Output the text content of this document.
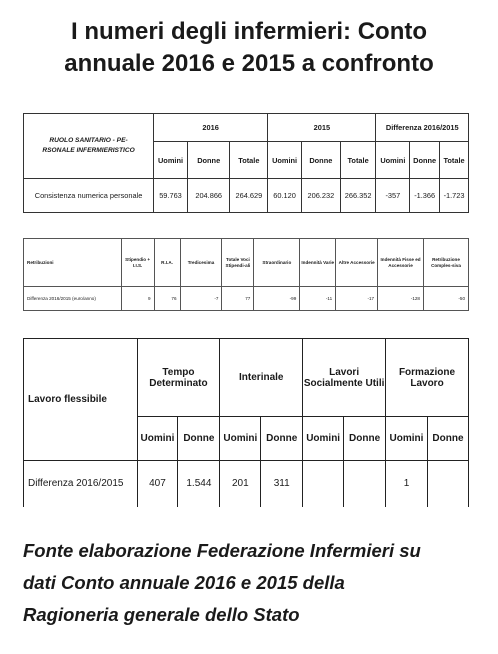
I numeri degli infermieri: Conto
annuale 2016 e 2015 a confronto
RUOLO SANITARIO - PE-
RSONALE INFERMIERISTICO	2016			2015			Differenza 2016/2015		
	Uomini	Donne	Totale	Uomini	Donne	Totale	Uomini	Donne	Totale
Consistenza numerica personale	59.763	204.866	264.629	60.120	206.232	266.352	-357	-1.366	-1.723
Retribuzioni	Stipendio + I.I.S.	R.I.A.	Tredicesima	Totale Voci Stipendi-ali	Straordinario	Indennità Varie	Altre Accessorie	Indennità Fisse ed Accessorie	Retribuzione Comples-siva
Differenza 2016/2015 (euro/anno)	9	76	-7	77	-99	-11	-17	-128	-50
Lavoro flessibile	Tempo Determinato		Interinale		Lavori Socialmente Utili		Formazione Lavoro	
	Uomini	Donne	Uomini	Donne	Uomini	Donne	Uomini	Donne
Differenza 2016/2015	407	1.544	201	311			1	
Fonte elaborazione Federazione Infermieri su
dati Conto annuale 2016 e 2015 della
Ragioneria generale dello Stato
